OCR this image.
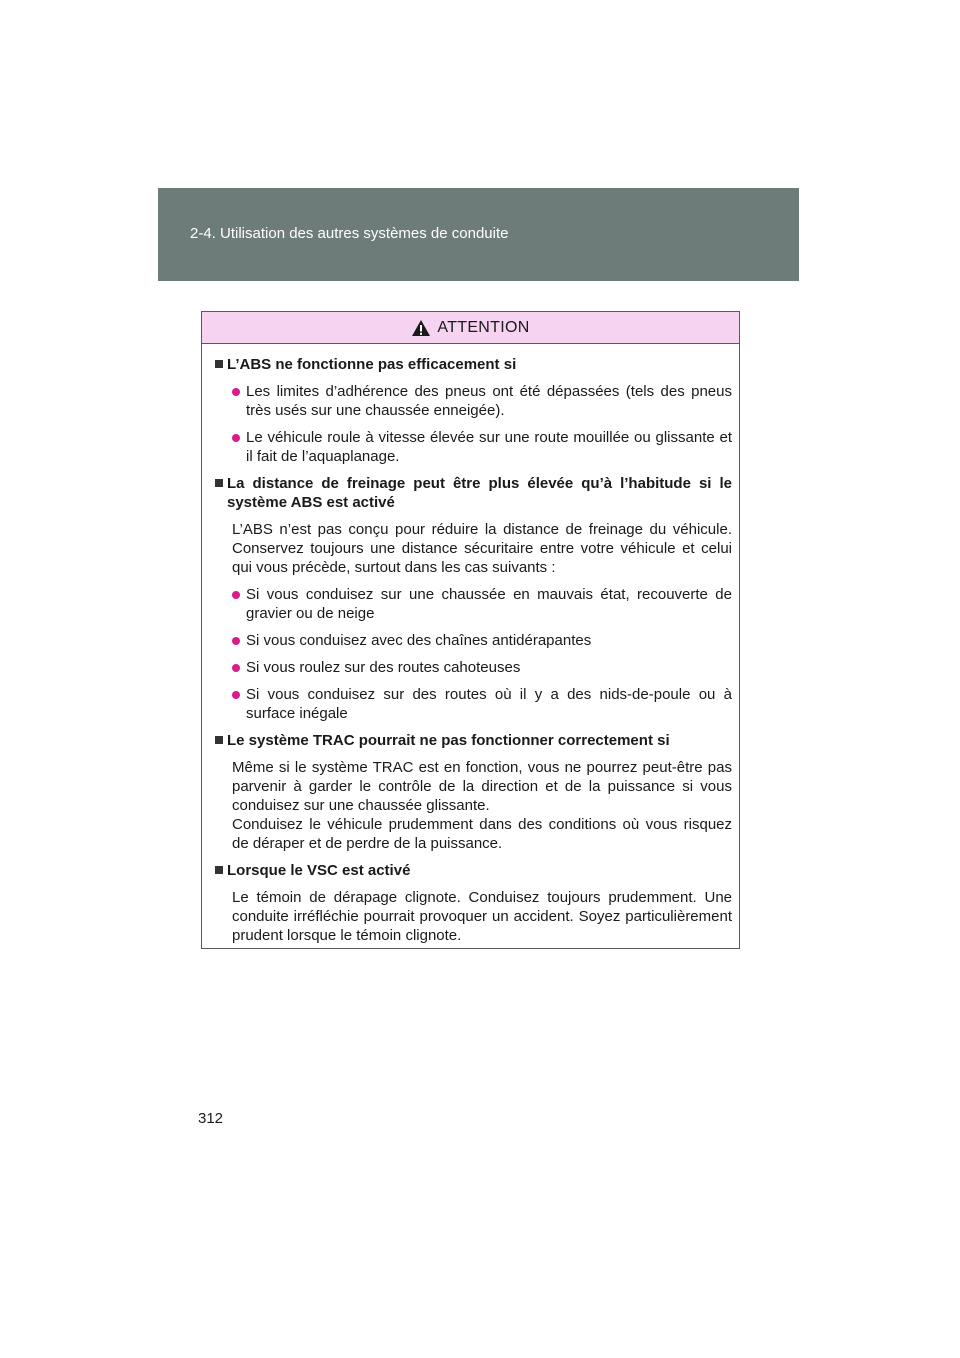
2-4. Utilisation des autres systèmes de conduite
ATTENTION
L’ABS ne fonctionne pas efficacement si
Les limites d’adhérence des pneus ont été dépassées (tels des pneus très usés sur une chaussée enneigée).
Le véhicule roule à vitesse élevée sur une route mouillée ou glissante et il fait de l’aquaplanage.
La distance de freinage peut être plus élevée qu’à l’habitude si le système ABS est activé
L’ABS n’est pas conçu pour réduire la distance de freinage du véhicule. Conservez toujours une distance sécuritaire entre votre véhicule et celui qui vous précède, surtout dans les cas suivants :
Si vous conduisez sur une chaussée en mauvais état, recouverte de gravier ou de neige
Si vous conduisez avec des chaînes antidérapantes
Si vous roulez sur des routes cahoteuses
Si vous conduisez sur des routes où il y a des nids-de-poule ou à surface inégale
Le système TRAC pourrait ne pas fonctionner correctement si
Même si le système TRAC est en fonction, vous ne pourrez peut-être pas parvenir à garder le contrôle de la direction et de la puissance si vous conduisez sur une chaussée glissante.
Conduisez le véhicule prudemment dans des conditions où vous risquez de déraper et de perdre de la puissance.
Lorsque le VSC est activé
Le témoin de dérapage clignote. Conduisez toujours prudemment. Une conduite irréfléchie pourrait provoquer un accident. Soyez particulièrement prudent lorsque le témoin clignote.
312
